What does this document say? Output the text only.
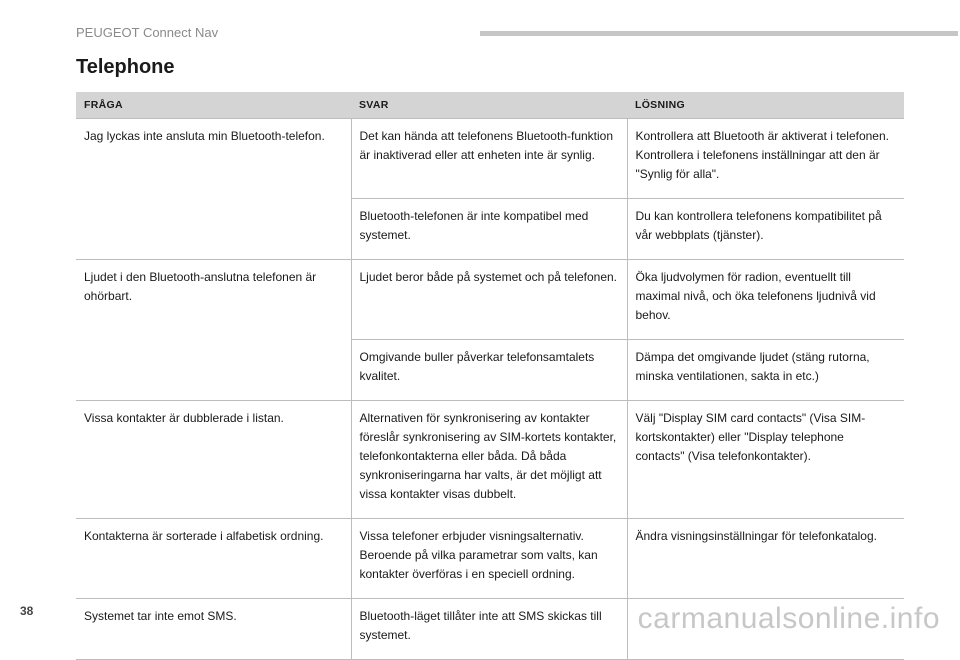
PEUGEOT Connect Nav
Telephone
FRÅGA	SVAR	LÖSNING
Jag lyckas inte ansluta min Bluetooth-telefon.	Det kan hända att telefonens Bluetooth-funktion är inaktiverad eller att enheten inte är synlig.	Kontrollera att Bluetooth är aktiverat i telefonen.
Kontrollera i telefonens inställningar att den är "Synlig för alla".
	Bluetooth-telefonen är inte kompatibel med systemet.	Du kan kontrollera telefonens kompatibilitet på vår webbplats (tjänster).
Ljudet i den Bluetooth-anslutna telefonen är ohörbart.	Ljudet beror både på systemet och på telefonen.	Öka ljudvolymen för radion, eventuellt till maximal nivå, och öka telefonens ljudnivå vid behov.
	Omgivande buller påverkar telefonsamtalets kvalitet.	Dämpa det omgivande ljudet (stäng rutorna, minska ventilationen, sakta in etc.)
Vissa kontakter är dubblerade i listan.	Alternativen för synkronisering av kontakter föreslår synkronisering av SIM-kortets kontakter, telefonkontakterna eller båda. Då båda synkroniseringarna har valts, är det möjligt att vissa kontakter visas dubbelt.	Välj "Display SIM card contacts" (Visa SIM-kortskontakter) eller "Display telephone contacts" (Visa telefonkontakter).
Kontakterna är sorterade i alfabetisk ordning.	Vissa telefoner erbjuder visningsalternativ. Beroende på vilka parametrar som valts, kan kontakter överföras i en speciell ordning.	Ändra visningsinställningar för telefonkatalog.
Systemet tar inte emot SMS.	Bluetooth-läget tillåter inte att SMS skickas till systemet.	
38	carmanualsonline.info
